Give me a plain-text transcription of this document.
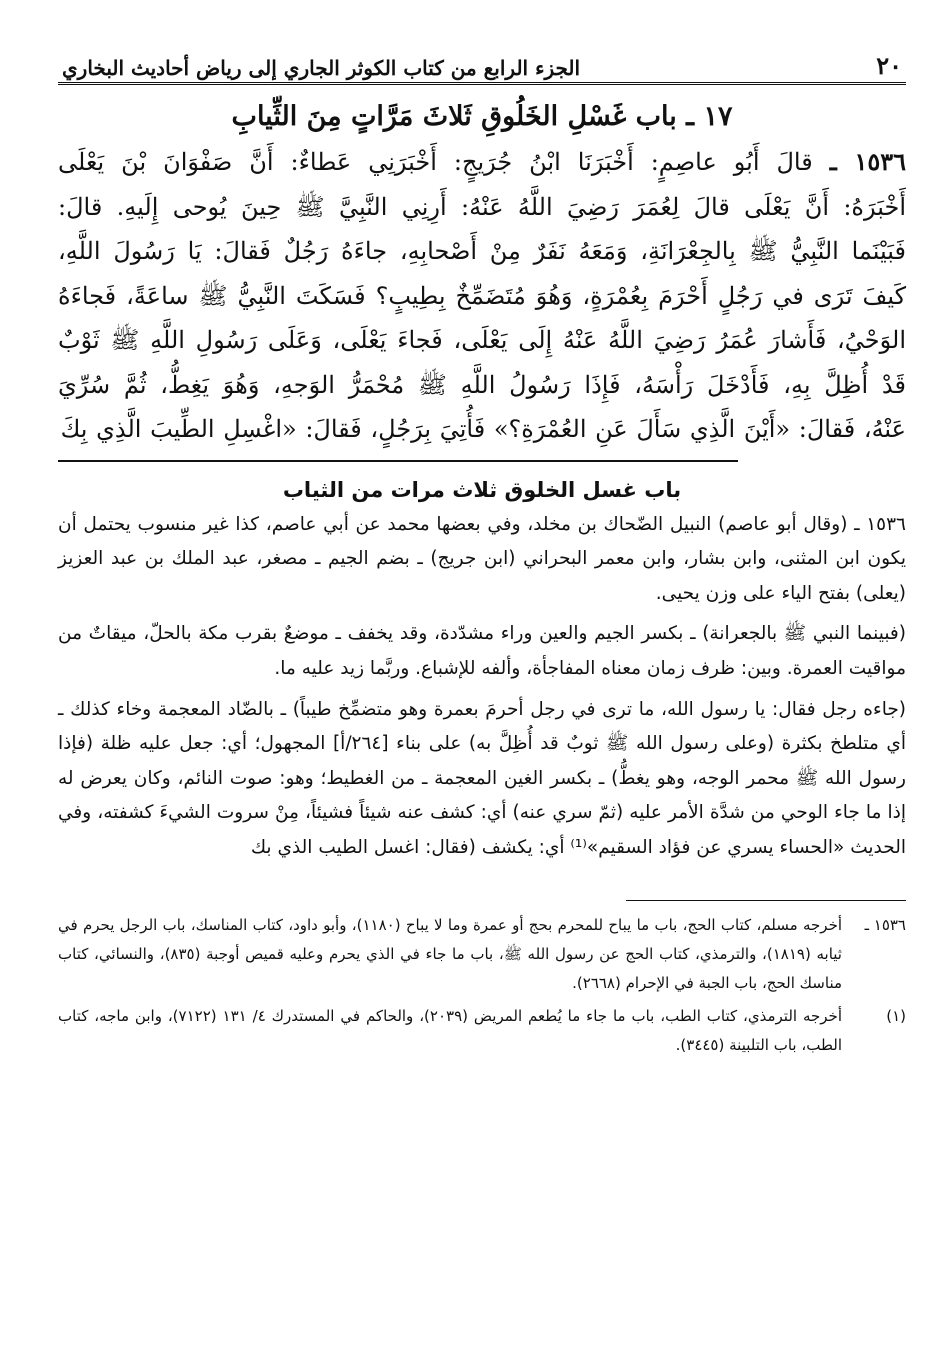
٢٠
الجزء الرابع من كتاب الكوثر الجاري إلى رياض أحاديث البخاري
١٧ ـ باب غَسْلِ الخَلُوقِ ثَلاثَ مَرَّاتٍ مِنَ الثِّيابِ

١٥٣٦ ـ قالَ أَبُو عاصِمٍ: أَخْبَرَنَا ابْنُ جُرَيجٍ: أَخْبَرَنِي عَطاءٌ: أَنَّ صَفْوَانَ بْنَ يَعْلَى

أَخْبَرَهُ: أَنَّ يَعْلَى قالَ لِعُمَرَ رَضِيَ اللَّهُ عَنْهُ: أَرِنِي النَّبِيَّ ﷺ حِينَ يُوحى إِلَيهِ. قالَ:

فَبَيْنَما النَّبِيُّ ﷺ بِالجِعْرَانَةِ، وَمَعَهُ نَفَرٌ مِنْ أَصْحابِهِ، جاءَهُ رَجُلٌ فَقالَ: يَا رَسُولَ اللَّهِ،

كَيفَ تَرَى في رَجُلٍ أَحْرَمَ بِعُمْرَةٍ، وَهُوَ مُتَضَمِّخٌ بِطِيبٍ؟ فَسَكَتَ النَّبِيُّ ﷺ ساعَةً، فَجاءَهُ

الوَحْيُ، فَأَشارَ عُمَرُ رَضِيَ اللَّهُ عَنْهُ إِلَى يَعْلَى، فَجاءَ يَعْلَى، وَعَلَى رَسُولِ اللَّهِ ﷺ ثَوْبٌ

قَدْ أُظِلَّ بِهِ، فَأَدْخَلَ رَأْسَهُ، فَإِذَا رَسُولُ اللَّهِ ﷺ مُحْمَرُّ الوَجهِ، وَهُوَ يَغِطُّ، ثُمَّ سُرِّيَ

عَنْهُ، فَقالَ: «أَيْنَ الَّذِي سَأَلَ عَنِ العُمْرَةِ؟» فَأُتِيَ بِرَجُلٍ، فَقالَ: «اغْسِلِ الطِّيبَ الَّذِي بِكَ

باب غسل الخلوق ثلاث مرات من الثياب

١٥٣٦ ـ (وقال أبو عاصم) النبيل الضّحاك بن مخلد، وفي بعضها محمد عن أبي عاصم، كذا غير منسوب يحتمل أن يكون ابن المثنى، وابن بشار، وابن معمر البحراني (ابن جريج) ـ بضم الجيم ـ مصغر، عبد الملك بن عبد العزيز (يعلى) بفتح الياء على وزن يحيى.

(فبينما النبي ﷺ بالجعرانة) ـ بكسر الجيم والعين وراء مشدّدة، وقد يخفف ـ موضعٌ بقرب مكة بالحلّ، ميقاتٌ من مواقيت العمرة. وبين: ظرف زمان معناه المفاجأة، وألفه للإشباع. وربَّما زيد عليه ما.

(جاءه رجل فقال: يا رسول الله، ما ترى في رجل أحرمَ بعمرة وهو متضمِّخ طيباً) ـ بالضّاد المعجمة وخاء كذلك ـ أي متلطخ بكثرة (وعلى رسول الله ﷺ ثوبٌ قد أُظِلَّ به) على بناء [٢٦٤/أ] المجهول؛ أي: جعل عليه ظلة (فإذا رسول الله ﷺ محمر الوجه، وهو يغطُّ) ـ بكسر الغين المعجمة ـ من الغطيط؛ وهو: صوت النائم، وكان يعرض له إذا ما جاء الوحي من شدَّة الأمر عليه (ثمّ سري عنه) أي: كشف عنه شيئاً فشيئاً، مِنْ سروت الشيءَ كشفته، وفي الحديث «الحساء يسري عن فؤاد السقيم»⁽¹⁾ أي: يكشف (فقال: اغسل الطيب الذي بك

١٥٣٦ ـ
أخرجه مسلم، كتاب الحج، باب ما يباح للمحرم بحج أو عمرة وما لا يباح (١١٨٠)، وأبو داود، كتاب المناسك، باب الرجل يحرم في ثيابه (١٨١٩)، والترمذي، كتاب الحج عن رسول الله ﷺ، باب ما جاء في الذي يحرم وعليه قميص أوجبة (٨٣٥)، والنسائي، كتاب مناسك الحج، باب الجبة في الإحرام (٢٦٦٨).
(١)
أخرجه الترمذي، كتاب الطب، باب ما جاء ما يُطعم المريض (٢٠٣٩)، والحاكم في المستدرك ٤/ ١٣١ (٧١٢٢)، وابن ماجه، كتاب الطب، باب التلبينة (٣٤٤٥).
